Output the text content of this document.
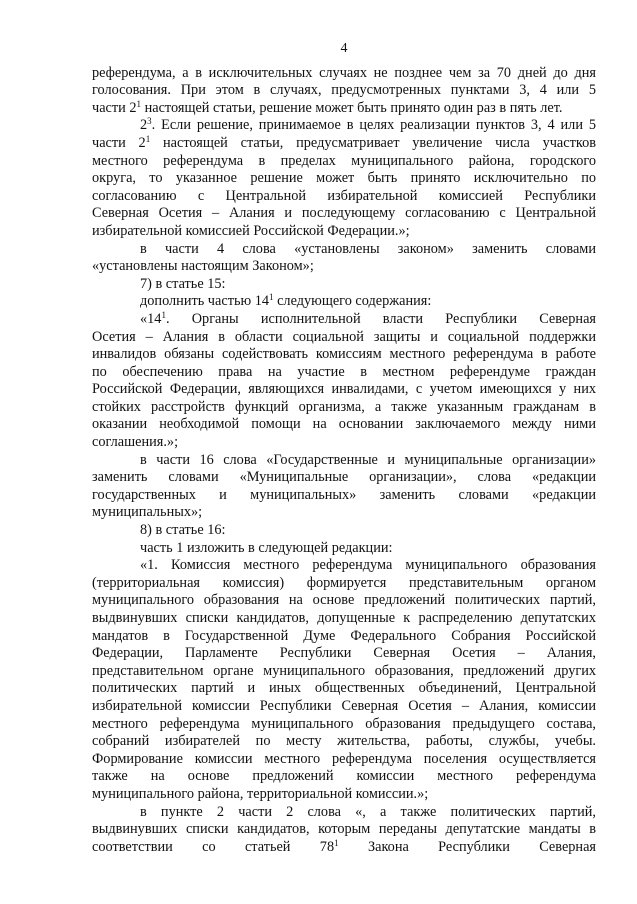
4
референдума, а в исключительных случаях не позднее чем за 70 дней до дня
голосования. При этом в случаях, предусмотренных пунктами 3, 4 или 5
части $2^1$ настоящей статьи, решение может быть принято один раз в пять лет.
$2^3$. Если решение, принимаемое в целях реализации пунктов 3, 4 или 5
части $2^1$ настоящей статьи, предусматривает увеличение числа участков
местного референдума в пределах муниципального района, городского
округа, то указанное решение может быть принято исключительно по
согласованию с Центральной избирательной комиссией Республики
Северная Осетия – Алания и последующему согласованию с Центральной
избирательной комиссией Российской Федерации.»;
в части 4 слова «установлены законом» заменить словами
«установлены настоящим Законом»;
7) в статье 15:
дополнить частью $14^1$ следующего содержания:
«$14^1$. Органы исполнительной власти Республики Северная
Осетия – Алания в области социальной защиты и социальной поддержки
инвалидов обязаны содействовать комиссиям местного референдума в работе
по обеспечению права на участие в местном референдуме граждан
Российской Федерации, являющихся инвалидами, с учетом имеющихся у них
стойких расстройств функций организма, а также указанным гражданам в
оказании необходимой помощи на основании заключаемого между ними
соглашения.»;
в части 16 слова «Государственные и муниципальные организации»
заменить словами «Муниципальные организации», слова «редакции
государственных и муниципальных» заменить словами «редакции
муниципальных»;
8) в статье 16:
часть 1 изложить в следующей редакции:
«1. Комиссия местного референдума муниципального образования
(территориальная комиссия) формируется представительным органом
муниципального образования на основе предложений политических партий,
выдвинувших списки кандидатов, допущенные к распределению депутатских
мандатов в Государственной Думе Федерального Собрания Российской
Федерации, Парламенте Республики Северная Осетия – Алания,
представительном органе муниципального образования, предложений других
политических партий и иных общественных объединений, Центральной
избирательной комиссии Республики Северная Осетия – Алания, комиссии
местного референдума муниципального образования предыдущего состава,
собраний избирателей по месту жительства, работы, службы, учебы.
Формирование комиссии местного референдума поселения осуществляется
также на основе предложений комиссии местного референдума
муниципального района, территориальной комиссии.»;
в пункте 2 части 2 слова «, а также политических партий,
выдвинувших списки кандидатов, которым переданы депутатские мандаты в
соответствии со статьей $78^1$ Закона Республики Северная
